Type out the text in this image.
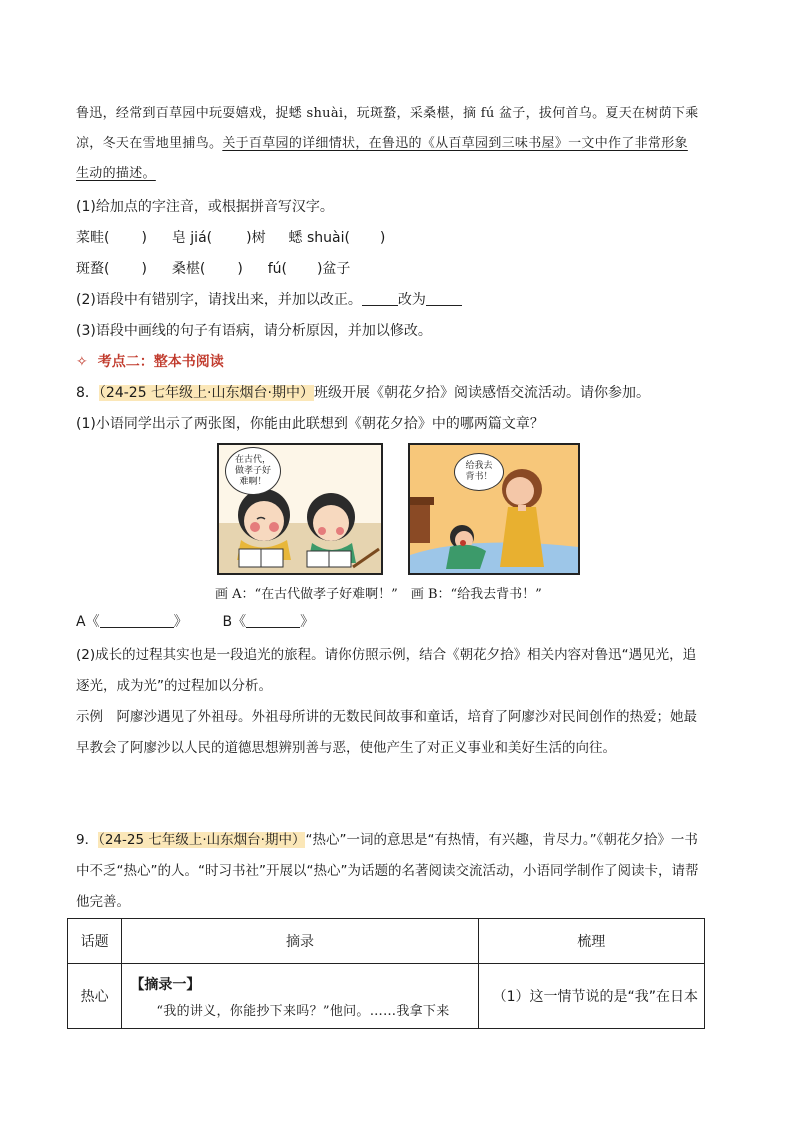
鲁迅，经常到百草园中玩耍嬉戏，捉蟋 shuài，玩斑蝥，采桑椹，摘 fú 盆子，拔何首乌。夏天在树荫下乘
凉，冬天在雪地里捕鸟。关于百草园的详细情状，在鲁迅的《从百草园到三味书屋》一文中作了非常形象
生动的描述。
(1)给加点的字注音，或根据拼音写汉字。
菜畦( ) 皂 jiá( )树 蟋 shuài( )
斑蝥( ) 桑椹( ) fú( )盆子
(2)语段中有错别字，请找出来，并加以改正。	改为
(3)语段中画线的句子有语病，请分析原因，并加以修改。
✧ 考点二：整本书阅读
8．（24-25 七年级上·山东烟台·期中）班级开展《朝花夕拾》阅读感悟交流活动。请你参加。
(1)小语同学出示了两张图，你能由此联想到《朝花夕拾》中的哪两篇文章？
在古代，
做孝子好
难啊！
给我去
背书！
画 A：“在古代做孝子好难啊！”　画 B：“给我去背书！”
A《	》 B《	》
(2)成长的过程其实也是一段追光的旅程。请你仿照示例，结合《朝花夕拾》相关内容对鲁迅“遇见光，追
逐光，成为光”的过程加以分析。
示例　阿廖沙遇见了外祖母。外祖母所讲的无数民间故事和童话，培育了阿廖沙对民间创作的热爱；她最
早教会了阿廖沙以人民的道德思想辨别善与恶，使他产生了对正义事业和美好生活的向往。
9．（24-25 七年级上·山东烟台·期中）“热心”一词的意思是“有热情，有兴趣，肯尽力。”《朝花夕拾》一书
中不乏“热心”的人。“时习书社”开展以“热心”为话题的名著阅读交流活动，小语同学制作了阅读卡，请帮
他完善。
话题	摘录	梳理
热心	【摘录一】
“我的讲义，你能抄下来吗？”他问。……我拿下来	（1）这一情节说的是“我”在日本
